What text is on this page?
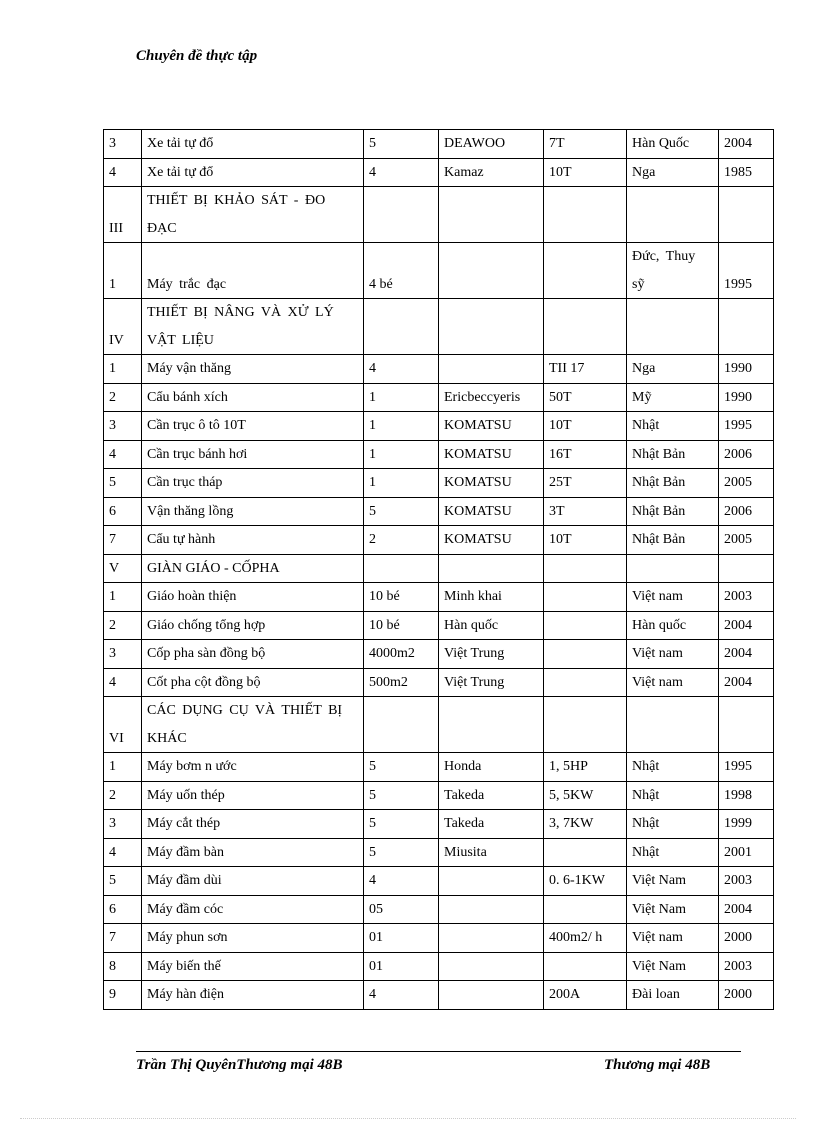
Chuyên đề thực tập
3	Xe tải tự đổ	5	DEAWOO	7T	Hàn Quốc	2004
4	Xe tải tự đổ	4	Kamaz	10T	Nga	1985
III	THIẾT BỊ KHẢO SÁT - ĐO ĐẠC					
1	Máy trắc đạc	4 bé			Đức, Thuy sỹ	1995
IV	THIẾT BỊ NÂNG VÀ XỬ LÝ VẬT LIỆU					
1	Máy vận thăng	4		TII 17	Nga	1990
2	Cẩu bánh xích	1	Ericbeccyeris	50T	Mỹ	1990
3	Cần trục ô tô 10T	1	KOMATSU	10T	Nhật	1995
4	Cần trục bánh hơi	1	KOMATSU	16T	Nhật Bản	2006
5	Cần trục tháp	1	KOMATSU	25T	Nhật Bản	2005
6	Vận thăng lồng	5	KOMATSU	3T	Nhật Bản	2006
7	Cẩu tự hành	2	KOMATSU	10T	Nhật Bản	2005
V	GIÀN GIÁO - CỐPHA					
1	Giáo hoàn thiện	10 bé	Minh khai		Việt nam	2003
2	Giáo chống tổng hợp	10 bé	Hàn quốc		Hàn quốc	2004
3	Cốp pha sàn đồng bộ	4000m2	Việt Trung		Việt nam	2004
4	Cốt pha cột đồng bộ	500m2	Việt Trung		Việt nam	2004
VI	CÁC DỤNG CỤ VÀ THIẾT BỊ KHÁC					
1	Máy bơm n ước	5	Honda	1, 5HP	Nhật	1995
2	Máy uốn thép	5	Takeda	5, 5KW	Nhật	1998
3	Máy cắt thép	5	Takeda	3, 7KW	Nhật	1999
4	Máy đầm bàn	5	Miusita		Nhật	2001
5	Máy đầm dùi	4		0. 6-1KW	Việt Nam	2003
6	Máy đầm cóc	05			Việt Nam	2004
7	Máy phun sơn	01		400m2/ h	Việt nam	2000
8	Máy biến thế	01			Việt Nam	2003
9	Máy hàn điện	4		200A	Đài loan	2000
Trần Thị QuyênThương mại 48B	Thương mại 48B
